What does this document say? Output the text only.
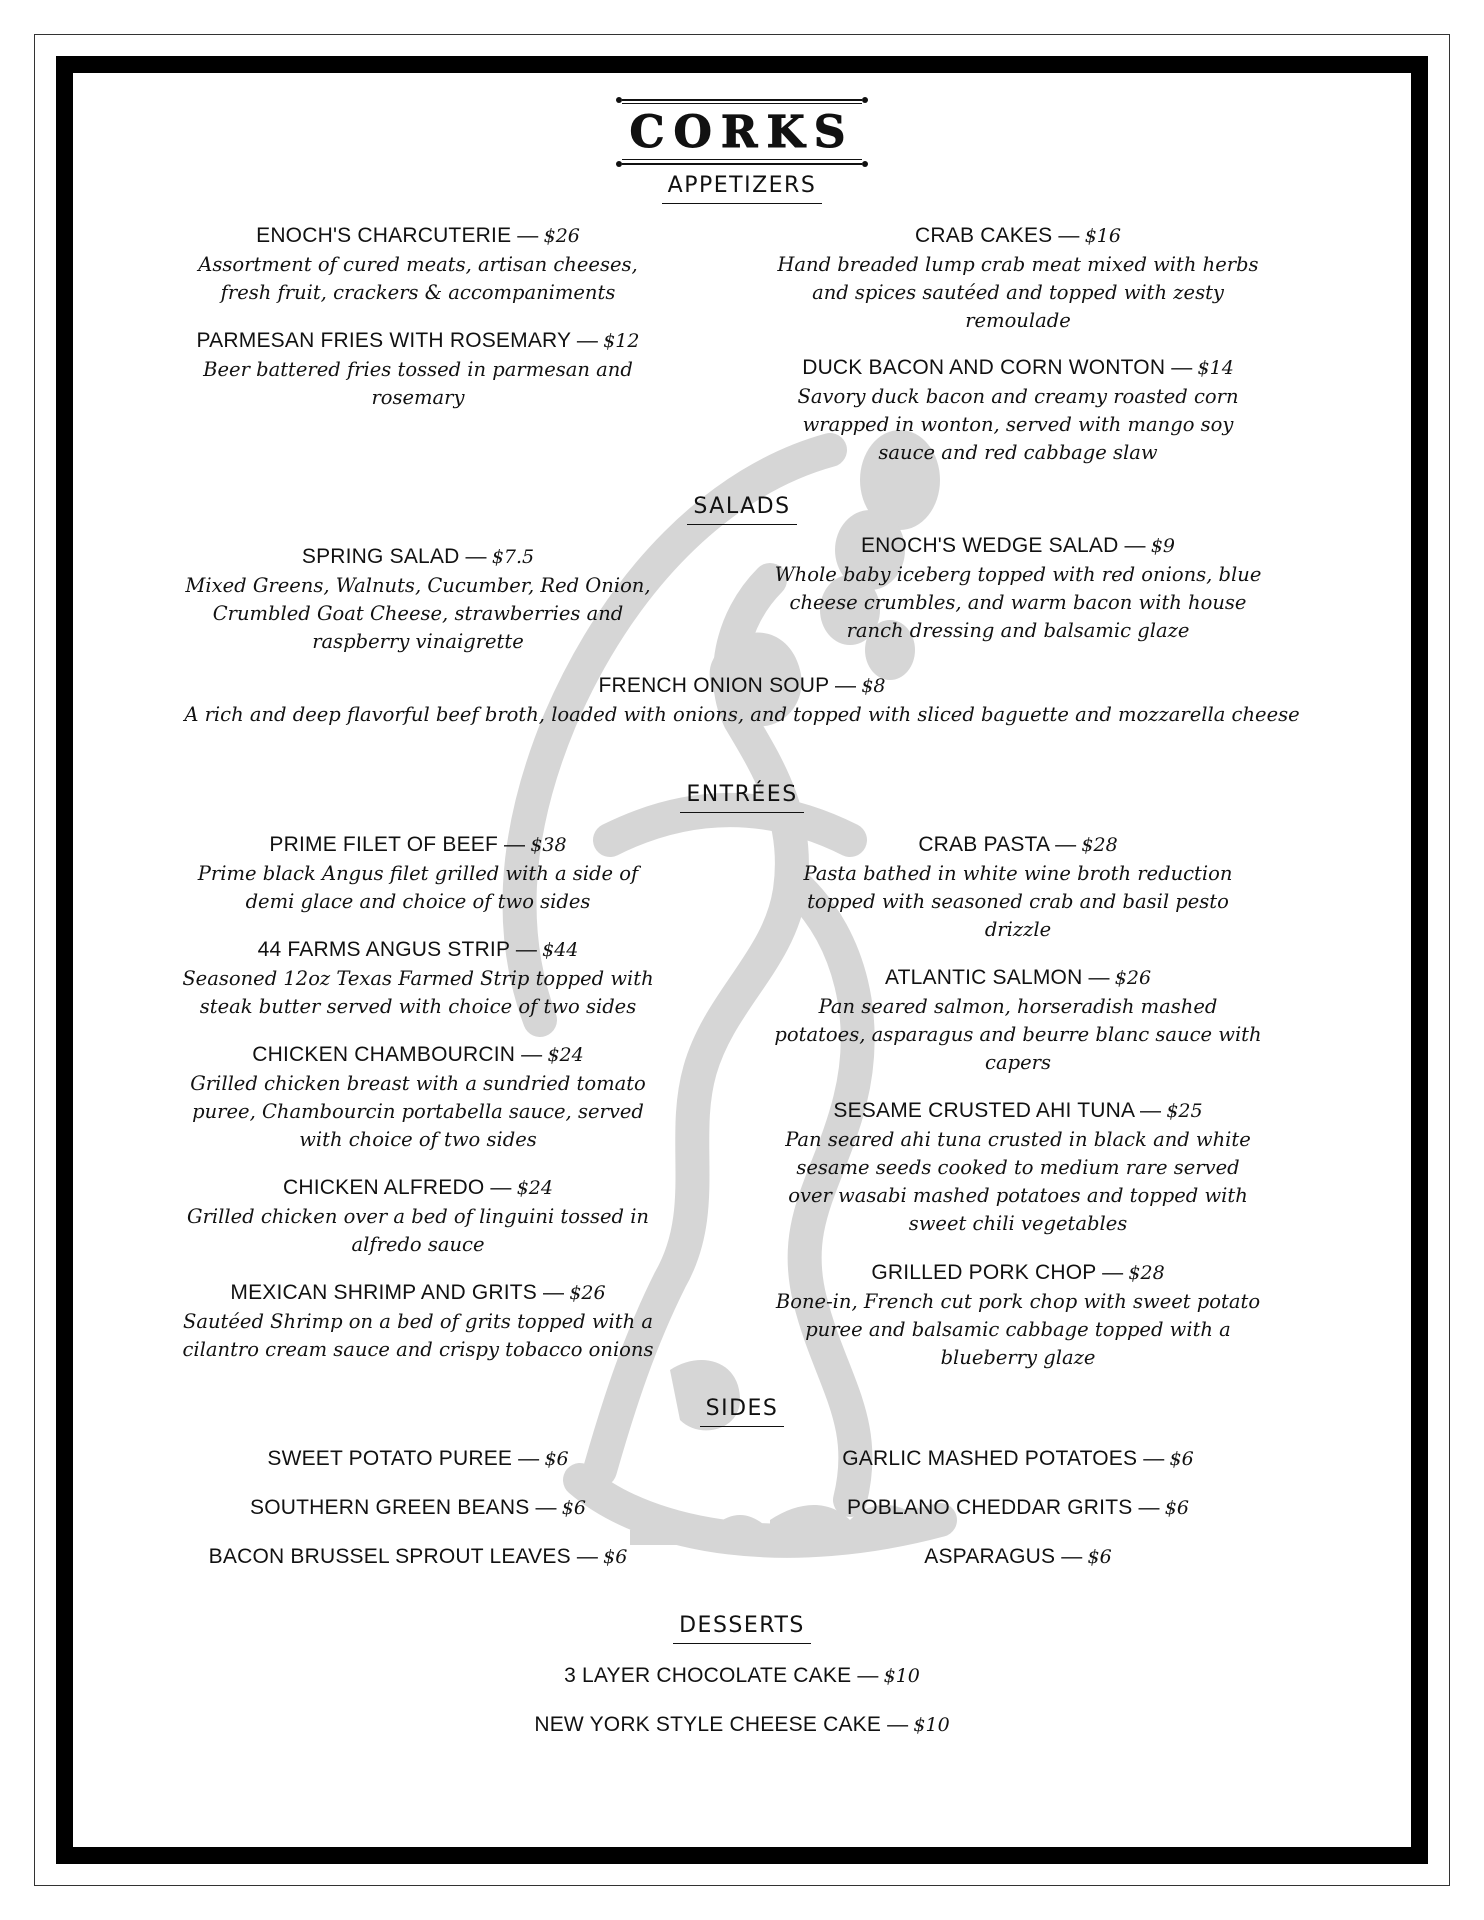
CORKS
APPETIZERS
ENOCH'S CHARCUTERIE — $26
Assortment of cured meats, artisan cheeses, fresh fruit, crackers & accompaniments
CRAB CAKES — $16
Hand breaded lump crab meat mixed with herbs and spices sautéed and topped with zesty remoulade
PARMESAN FRIES WITH ROSEMARY — $12
Beer battered fries tossed in parmesan and rosemary
DUCK BACON AND CORN WONTON — $14
Savory duck bacon and creamy roasted corn wrapped in wonton, served with mango soy sauce and red cabbage slaw
SALADS
SPRING SALAD — $7.5
Mixed Greens, Walnuts, Cucumber, Red Onion, Crumbled Goat Cheese, strawberries and raspberry vinaigrette
ENOCH'S WEDGE SALAD — $9
Whole baby iceberg topped with red onions, blue cheese crumbles, and warm bacon with house ranch dressing and balsamic glaze
FRENCH ONION SOUP — $8
A rich and deep flavorful beef broth, loaded with onions, and topped with sliced baguette and mozzarella cheese
ENTRÉES
PRIME FILET OF BEEF — $38
Prime black Angus filet grilled with a side of demi glace and choice of two sides
CRAB PASTA — $28
Pasta bathed in white wine broth reduction topped with seasoned crab and basil pesto drizzle
44 FARMS ANGUS STRIP — $44
Seasoned 12oz Texas Farmed Strip topped with steak butter served with choice of two sides
ATLANTIC SALMON — $26
Pan seared salmon, horseradish mashed potatoes, asparagus and beurre blanc sauce with capers
CHICKEN CHAMBOURCIN — $24
Grilled chicken breast with a sundried tomato puree, Chambourcin portabella sauce, served with choice of two sides
SESAME CRUSTED AHI TUNA — $25
Pan seared ahi tuna crusted in black and white sesame seeds cooked to medium rare served over wasabi mashed potatoes and topped with sweet chili vegetables
CHICKEN ALFREDO — $24
Grilled chicken over a bed of linguini tossed in alfredo sauce
GRILLED PORK CHOP — $28
Bone-in, French cut pork chop with sweet potato puree and balsamic cabbage topped with a blueberry glaze
MEXICAN SHRIMP AND GRITS — $26
Sautéed Shrimp on a bed of grits topped with a cilantro cream sauce and crispy tobacco onions
SIDES
SWEET POTATO PUREE — $6	GARLIC MASHED POTATOES — $6
SOUTHERN GREEN BEANS — $6	POBLANO CHEDDAR GRITS — $6
BACON BRUSSEL SPROUT LEAVES — $6	ASPARAGUS — $6
DESSERTS
3 LAYER CHOCOLATE CAKE — $10
NEW YORK STYLE CHEESE CAKE — $10
